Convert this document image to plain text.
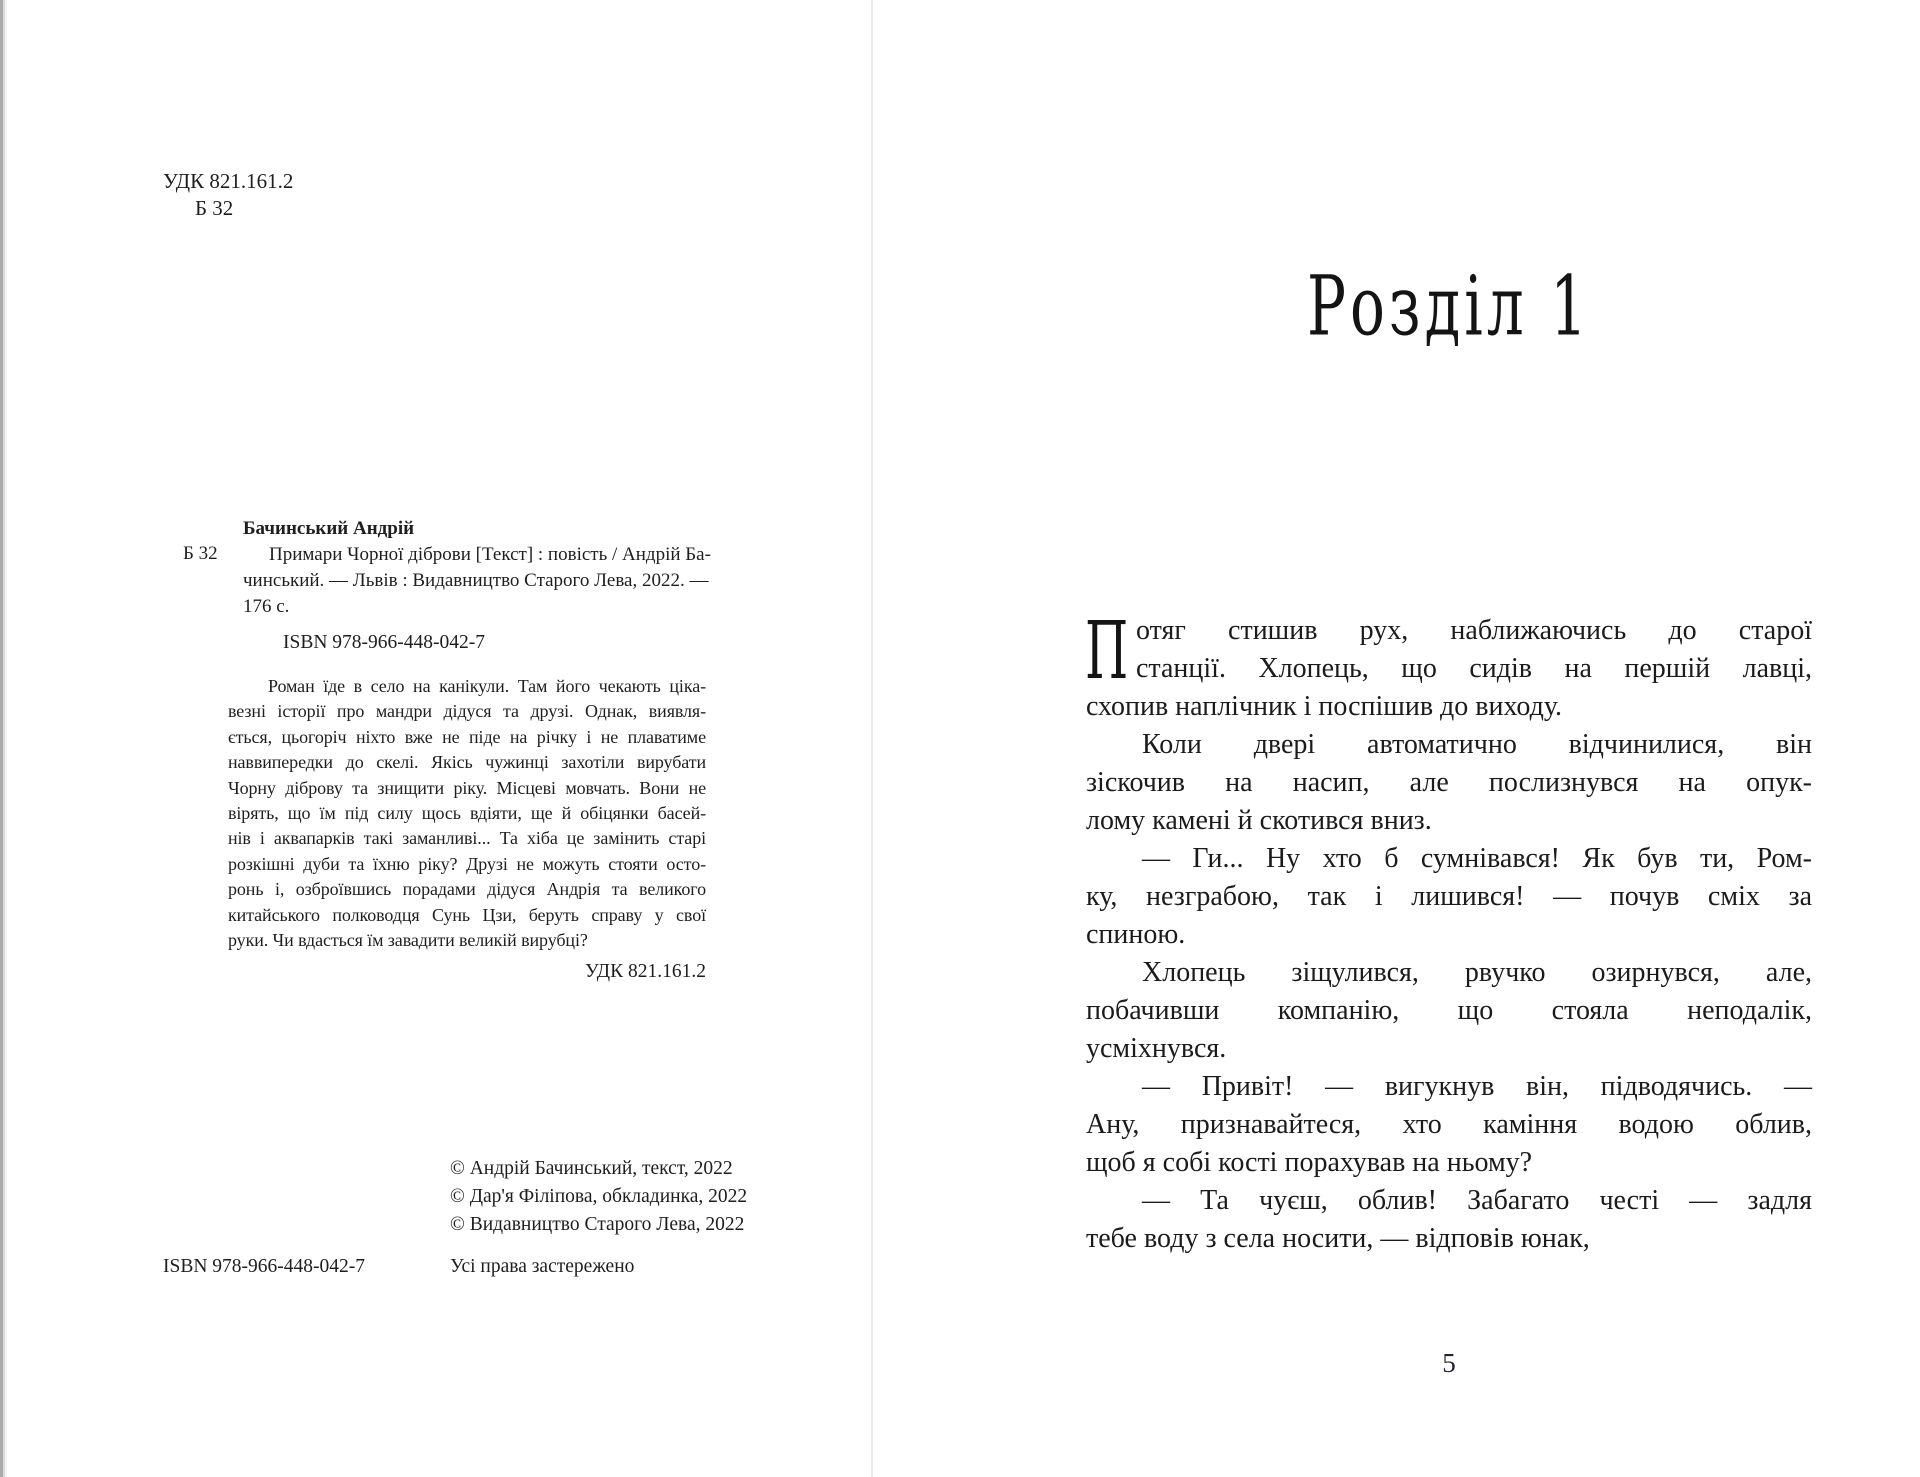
УДК 821.161.2
Б 32
Бачинський Андрій
Примари Чорної діброви [Текст] : повість / Андрій Ба-
чинський. — Львів : Видавництво Старого Лева, 2022. —
176 с.
Б 32
ISBN 978-966-448-042-7
Роман їде в село на канікули. Там його чекають ціка-
везні історії про мандри дідуся та друзі. Однак, виявля-
ється, цьогоріч ніхто вже не піде на річку і не плаватиме
наввипередки до скелі. Якісь чужинці захотіли вирубати
Чорну діброву та знищити ріку. Місцеві мовчать. Вони не
вірять, що їм під силу щось вдіяти, ще й обіцянки басей-
нів і аквапарків такі заманливі... Та хіба це замінить старі
розкішні дуби та їхню ріку? Друзі не можуть стояти осто-
ронь і, озброївшись порадами дідуся Андрія та великого
китайського полководця Сунь Цзи, беруть справу у свої
руки. Чи вдасться їм завадити великій вирубці?
УДК 821.161.2
© Андрій Бачинський, текст, 2022
© Дар'я Філіпова, обкладинка, 2022
© Видавництво Старого Лева, 2022
ISBN 978-966-448-042-7	Усі права застережено
Розділ 1
П отяг стишив рух, наближаючись до старої
станції. Хлопець, що сидів на першій лавці,
схопив наплічник і поспішив до виходу.
Коли двері автоматично відчинилися, він
зіскочив на насип, але послизнувся на опук-
лому камені й скотився вниз.
— Ги... Ну хто б сумнівався! Як був ти, Ром-
ку, незграбою, так і лишився! — почув сміх за
спиною.
Хлопець зіщулився, рвучко озирнувся, але,
побачивши компанію, що стояла неподалік,
усміхнувся.
— Привіт! — вигукнув він, підводячись. —
Ану, признавайтеся, хто каміння водою облив,
щоб я собі кості порахував на ньому?
— Та чуєш, облив! Забагато честі — задля
тебе воду з села носити, — відповів юнак,
5
